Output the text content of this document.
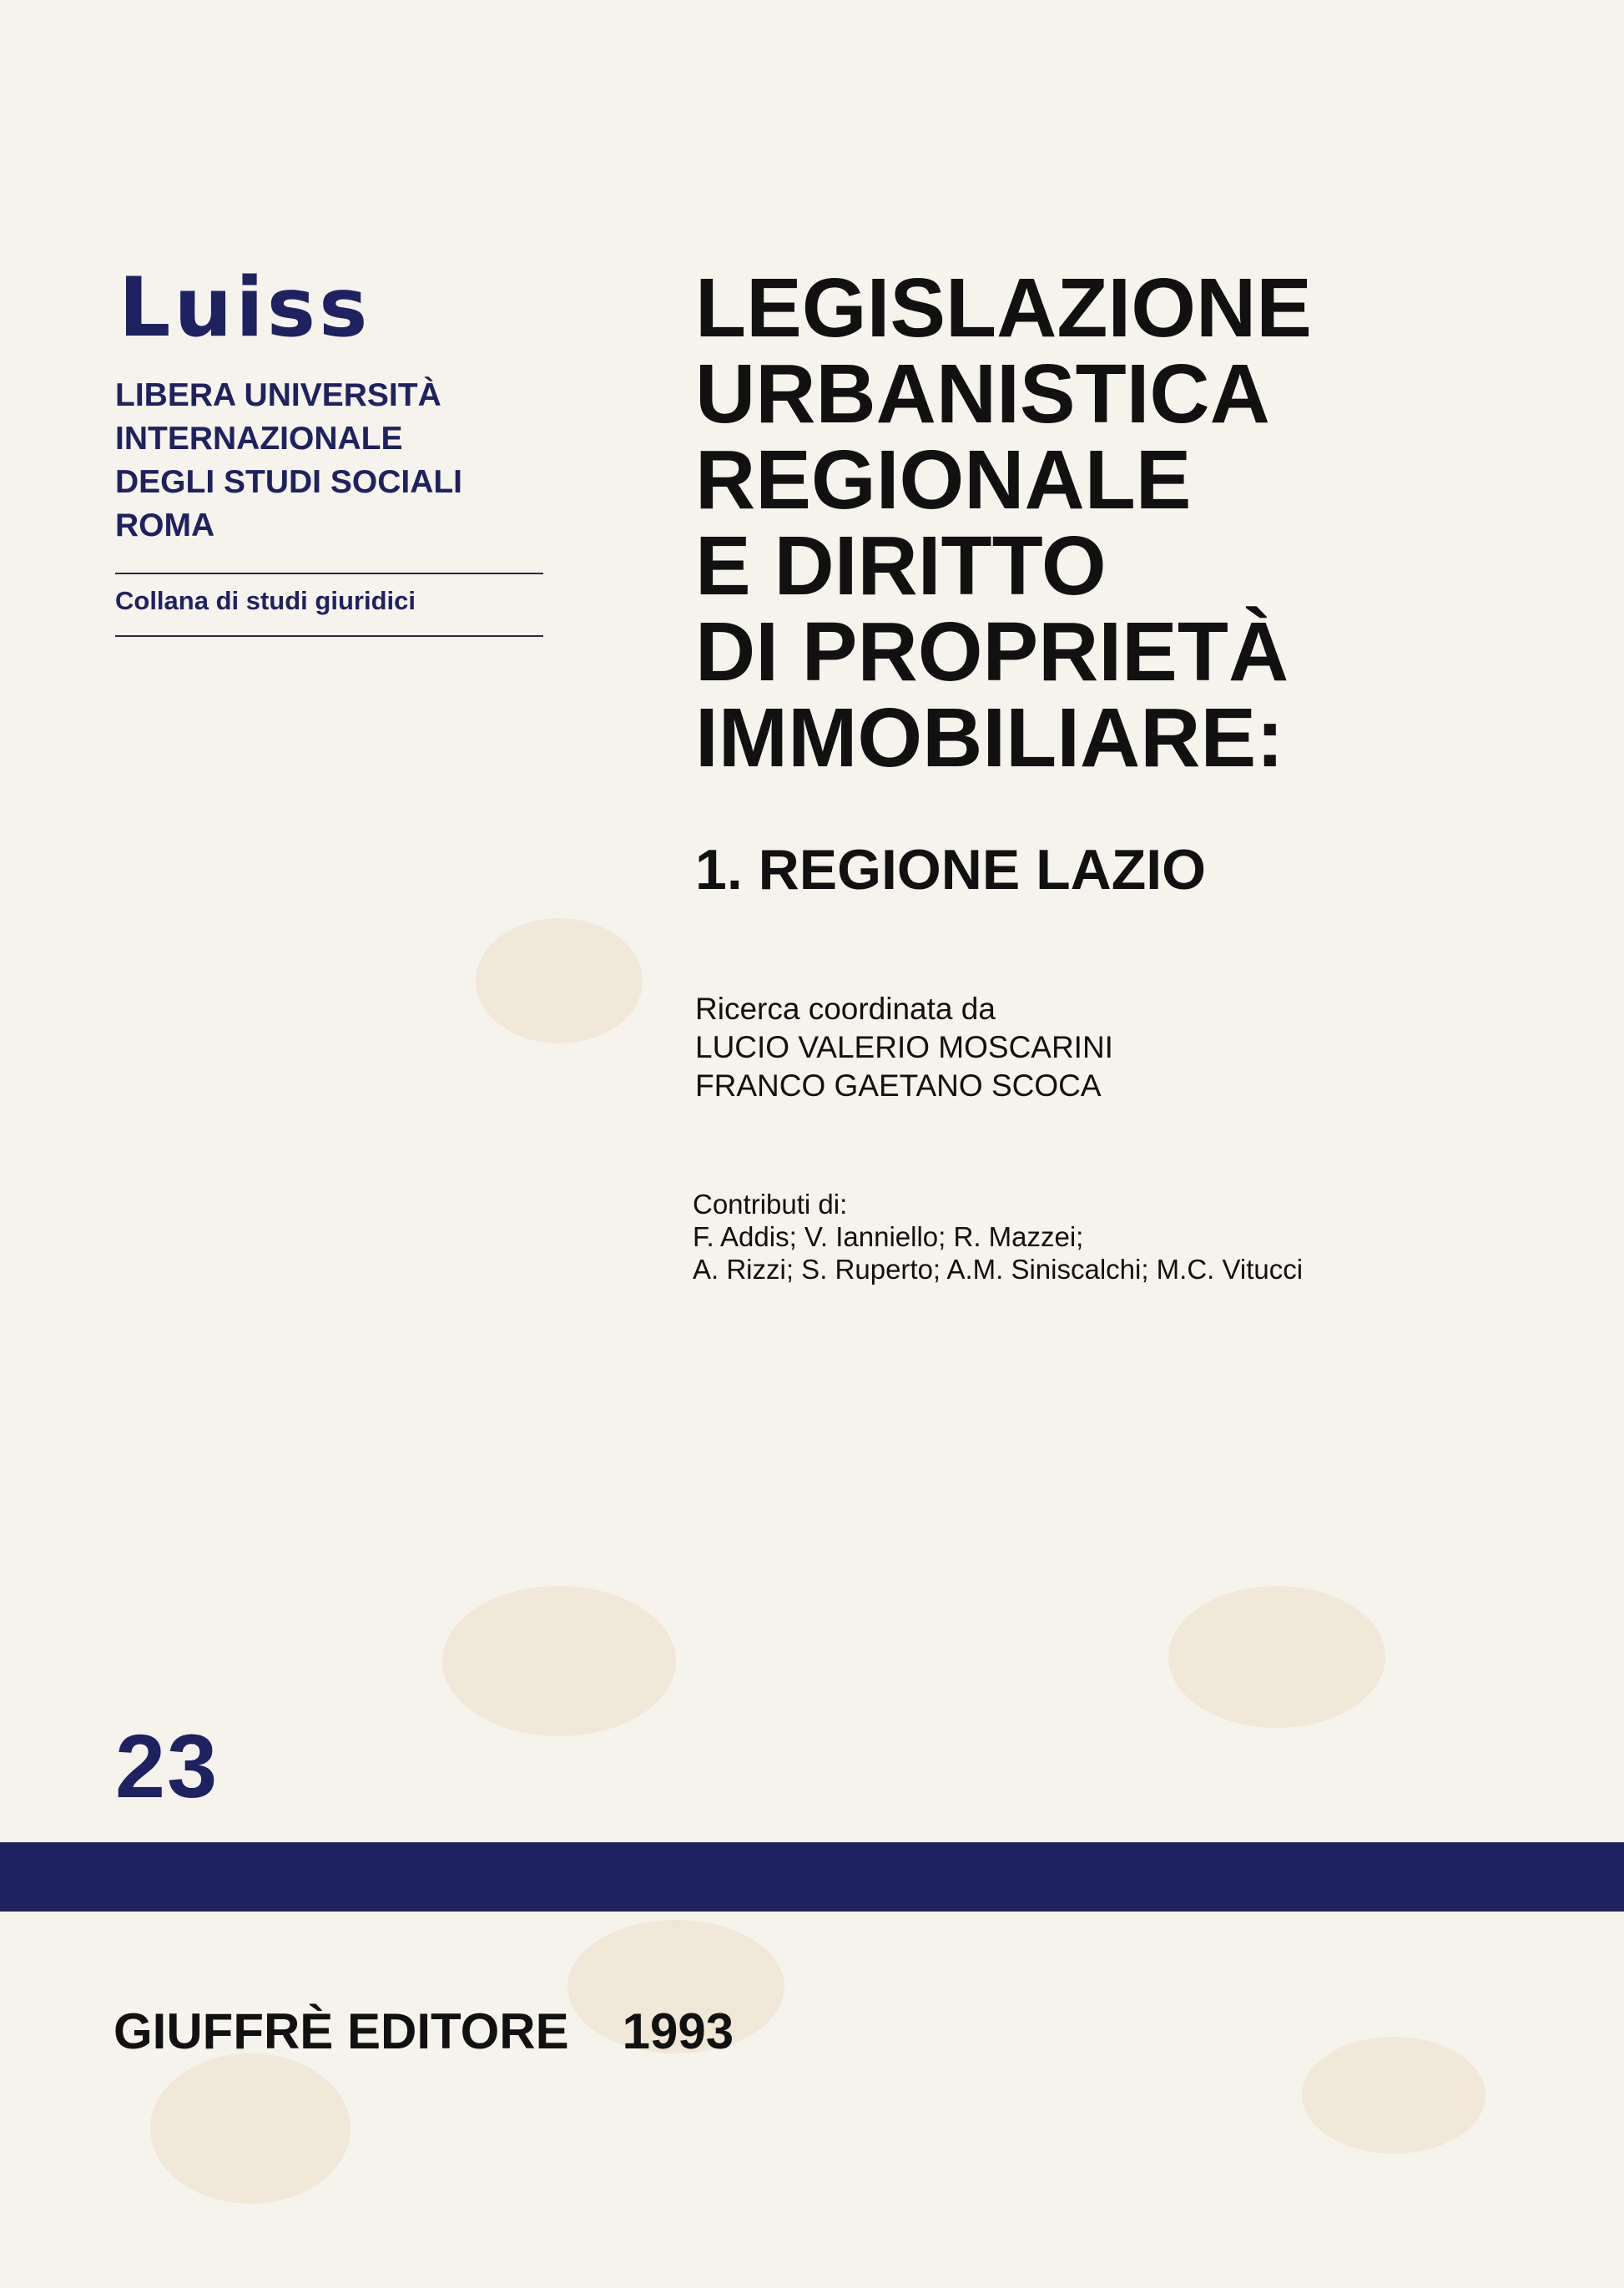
Luiss
LIBERA UNIVERSITÀ
INTERNAZIONALE
DEGLI STUDI SOCIALI
ROMA
Collana di studi giuridici
LEGISLAZIONE
URBANISTICA
REGIONALE
E DIRITTO
DI PROPRIETÀ
IMMOBILIARE:
1. REGIONE LAZIO
Ricerca coordinata da
LUCIO VALERIO MOSCARINI
FRANCO GAETANO SCOCA
Contributi di:
F. Addis; V. Ianniello; R. Mazzei;
A. Rizzi; S. Ruperto; A.M. Siniscalchi; M.C. Vitucci
23
GIUFFRÈ EDITORE 1993
